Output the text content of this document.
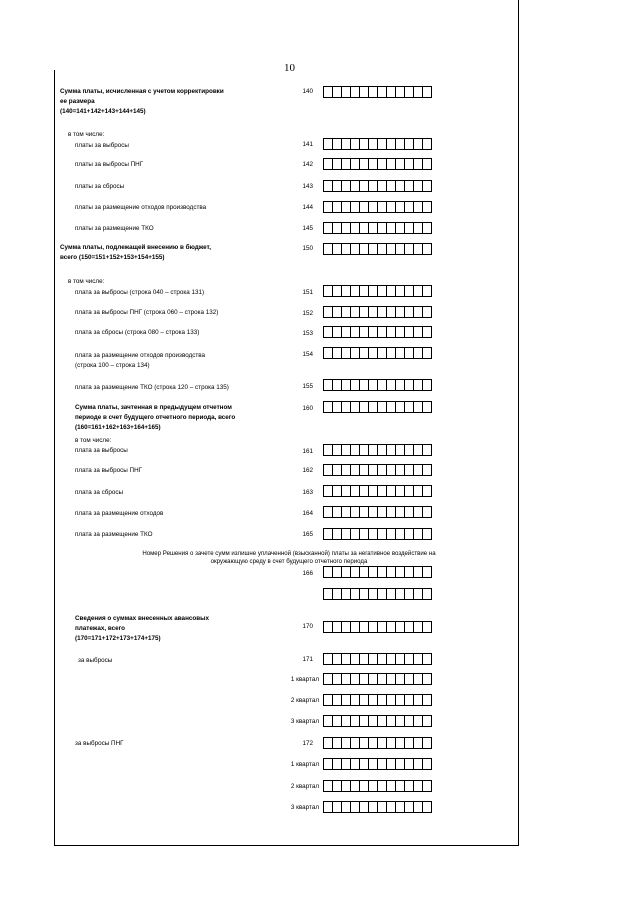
10
Сумма платы, исчисленная с учетом корректировки
ее размера
(140=141+142+143+144+145)
140
в том числе:
платы за выбросы	141
платы за выбросы ПНГ	142
платы за сбросы	143
платы за размещение отходов производства	144
платы за размещение ТКО	145
Сумма платы, подлежащей внесению в бюджет,
всего (150=151+152+153+154+155)
150
в том числе:
плата за выбросы (строка 040 – строка 131)	151
плата за выбросы ПНГ (строка 060 – строка 132)	152
плата за сбросы (строка 080 – строка 133)	153
плата за размещение отходов производства
(строка 100 – строка 134)
154
плата за размещение ТКО (строка 120 – строка 135)	155
Сумма платы, зачтенная в предыдущем отчетном
периоде в счет будущего отчетного периода, всего
(160=161+162+163+164+165)
160
в том числе:
плата за выбросы	161
плата за выбросы ПНГ	162
плата за сбросы	163
плата за размещение отходов	164
плата за размещение ТКО	165
Номер Решения о зачете сумм излишне уплаченной (взысканной) платы за негативное воздействие на
окружающую среду в счет будущего отчетного периода
166
Сведения о суммах внесенных авансовых
платежах, всего
(170=171+172+173+174+175)
170
за выбросы	171
1 квартал
2 квартал
3 квартал
за выбросы ПНГ	172
1 квартал
2 квартал
3 квартал
